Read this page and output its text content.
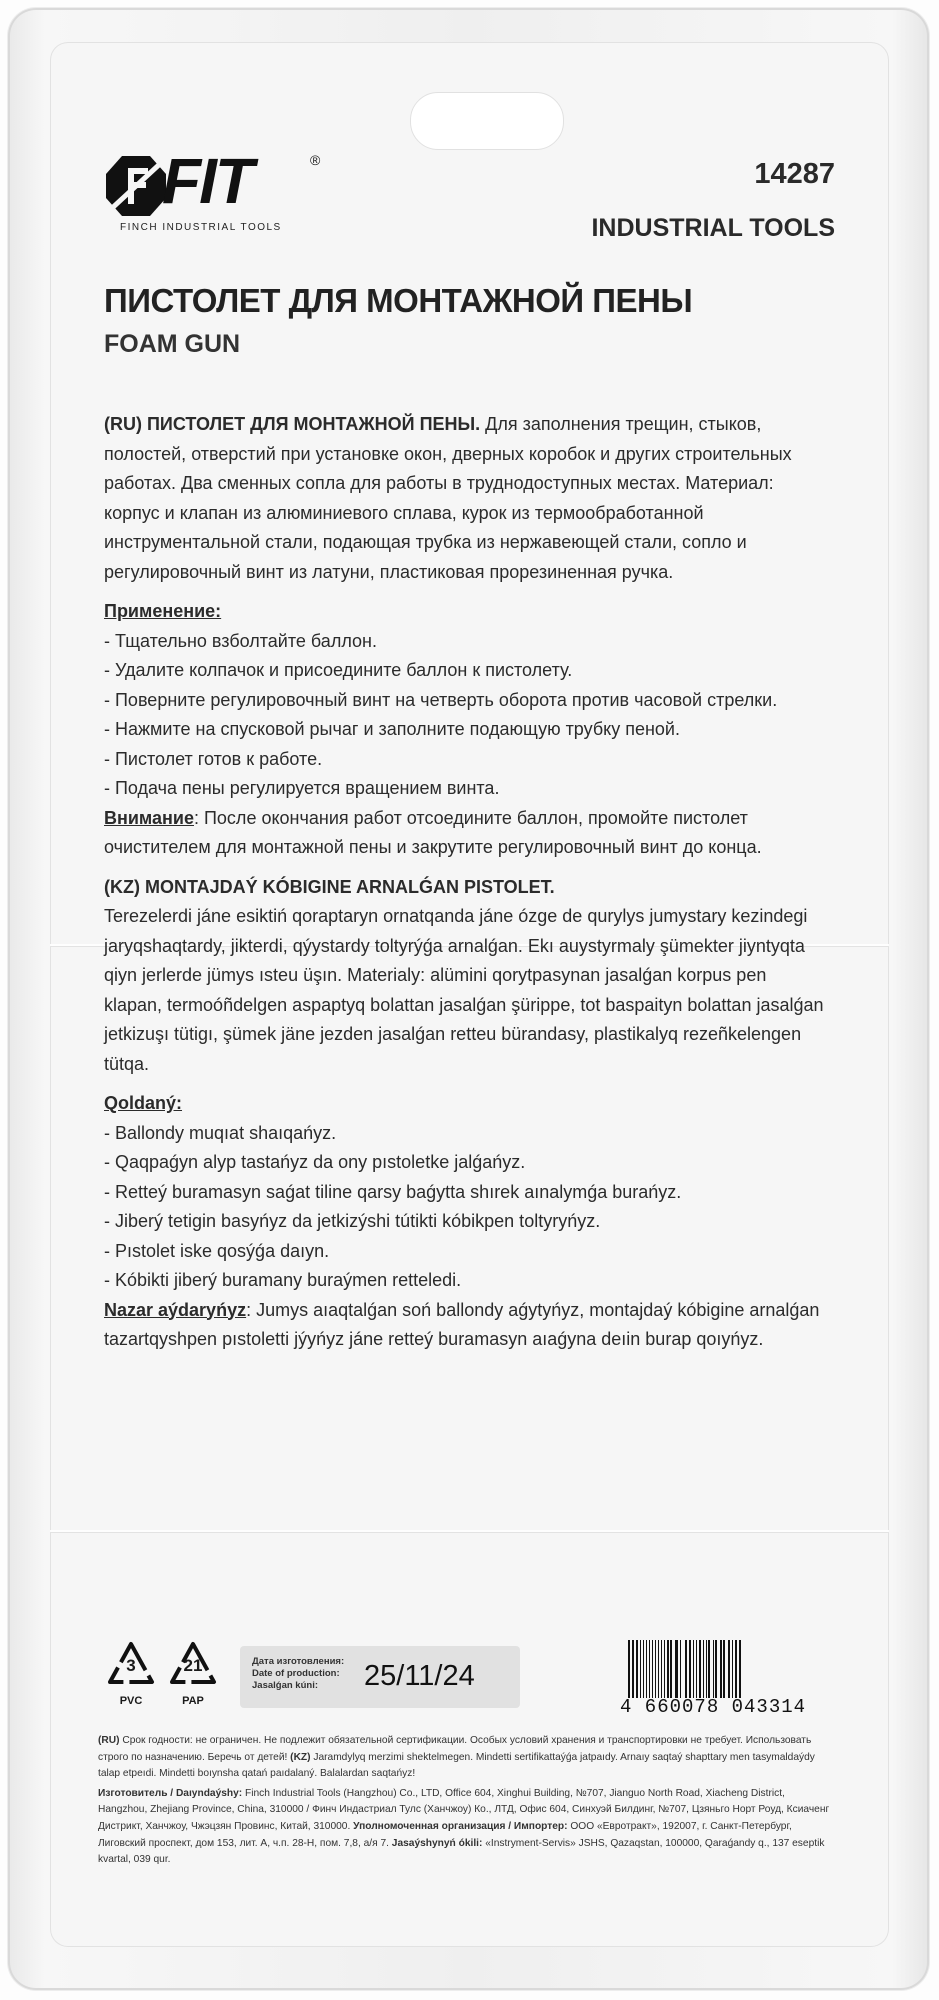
FIT	®
FINCH INDUSTRIAL TOOLS
14287
INDUSTRIAL TOOLS
ПИСТОЛЕТ ДЛЯ МОНТАЖНОЙ ПЕНЫ
FOAM GUN

(RU) ПИСТОЛЕТ ДЛЯ МОНТАЖНОЙ ПЕНЫ. Для заполнения трещин, стыков, полостей, отверстий при установке окон, дверных коробок и других строительных работах. Два сменных сопла для работы в труднодоступных местах. Материал: корпус и клапан из алюминиевого сплава, курок из термообработанной инструментальной стали, подающая трубка из нержавеющей стали, сопло и регулировочный винт из латуни, пластиковая прорезиненная ручка.

Применение:

- Тщательно взболтайте баллон.

- Удалите колпачок и присоедините баллон к пистолету.

- Поверните регулировочный винт на четверть оборота против часовой стрелки.

- Нажмите на спусковой рычаг и заполните подающую трубку пеной.

- Пистолет готов к работе.

- Подача пены регулируется вращением винта.

Внимание: После окончания работ отсоедините баллон, промойте пистолет очистителем для монтажной пены и закрутите регулировочный винт до конца.

(KZ) MONTAJDAÝ KÓBIGINE ARNALǴAN PISTOLET.

Terezelerdi jáne esiktiń qoraptaryn ornatqanda jáne ózge de qurylys jumystary kezindegi jaryqshaqtardy, jikterdi, qýystardy toltyrýǵa arnalǵan. Ekı auystyrmaly şümekter jiyntyqta qiyn jerlerde jümys ısteu üşın. Materialy: alümini qorytpasynan jasalǵan korpus pen klapan, termoóñdelgen aspaptyq bolattan jasalǵan şürippe, tot baspaityn bolattan jasalǵan jetkizuşı tütigı, şümek jäne jezden jasalǵan retteu bürandasy, plastikalyq rezeñkelengen tütqa.

Qoldaný:

- Ballondy muqıat shaıqańyz.

- Qaqpaǵyn alyp tastańyz da ony pıstoletke jalǵańyz.

- Retteý buramasyn saǵat tiline qarsy baǵytta shırek aınalymǵa burańyz.

- Jiberý tetigin basyńyz da jetkizýshi tútikti kóbikpen toltyryńyz.

- Pıstolet iske qosýǵa daıyn.

- Kóbikti jiberý buramany buraýmen retteledi.

Nazar aýdaryńyz: Jumys aıaqtalǵan soń ballondy aǵytyńyz, montajdaý kóbigine arnalǵan tazartqyshpen pıstoletti jýyńyz jáne retteý buramasyn aıaǵyna deıin burap qoıyńyz.

3
PVC
21
PAP
Дата изготовления:
Date of production:
Jasalǵan kúni: 25/11/24
4 660078 043314

(RU) Срок годности: не ограничен. Не подлежит обязательной сертификации. Особых условий хранения и транспортировки не требует. Использовать строго по назначению. Беречь от детей! (KZ) Jaramdylyq merzimi shektelmegen. Mindetti sertifikattaýǵa jatpaıdy. Arnaıy saqtaý shарttary men tasymaldaýdy talap etpeıdi. Mindetti boıynsha qatań paıdalaný. Balalardan saqtańyz!

Изготовитель / Daıyndaýshy: Finch Industrial Tools (Hangzhou) Co., LTD, Office 604, Xinghui Building, №707, Jianguo North Road, Xiacheng District, Hangzhou, Zhejiang Province, China, 310000 / Финч Индастриал Тулс (Ханчжоу) Ко., ЛТД, Офис 604, Синхуэй Билдинг, №707, Цзяньго Норт Роуд, Ксиаченг Дистрикт, Ханчжоу, Чжэцзян Провинс, Китай, 310000. Уполномоченная организация / Импортер: ООО «Евротракт», 192007, г. Санкт-Петербург, Лиговский проспект, дом 153, лит. А, ч.п. 28-Н, пом. 7,8, а/я 7. Jasaýshynyń ókili: «Instryment-Servis» JSHS, Qazaqstan, 100000, Qaraǵandy q., 137 eseptik kvartal, 039 qur.
